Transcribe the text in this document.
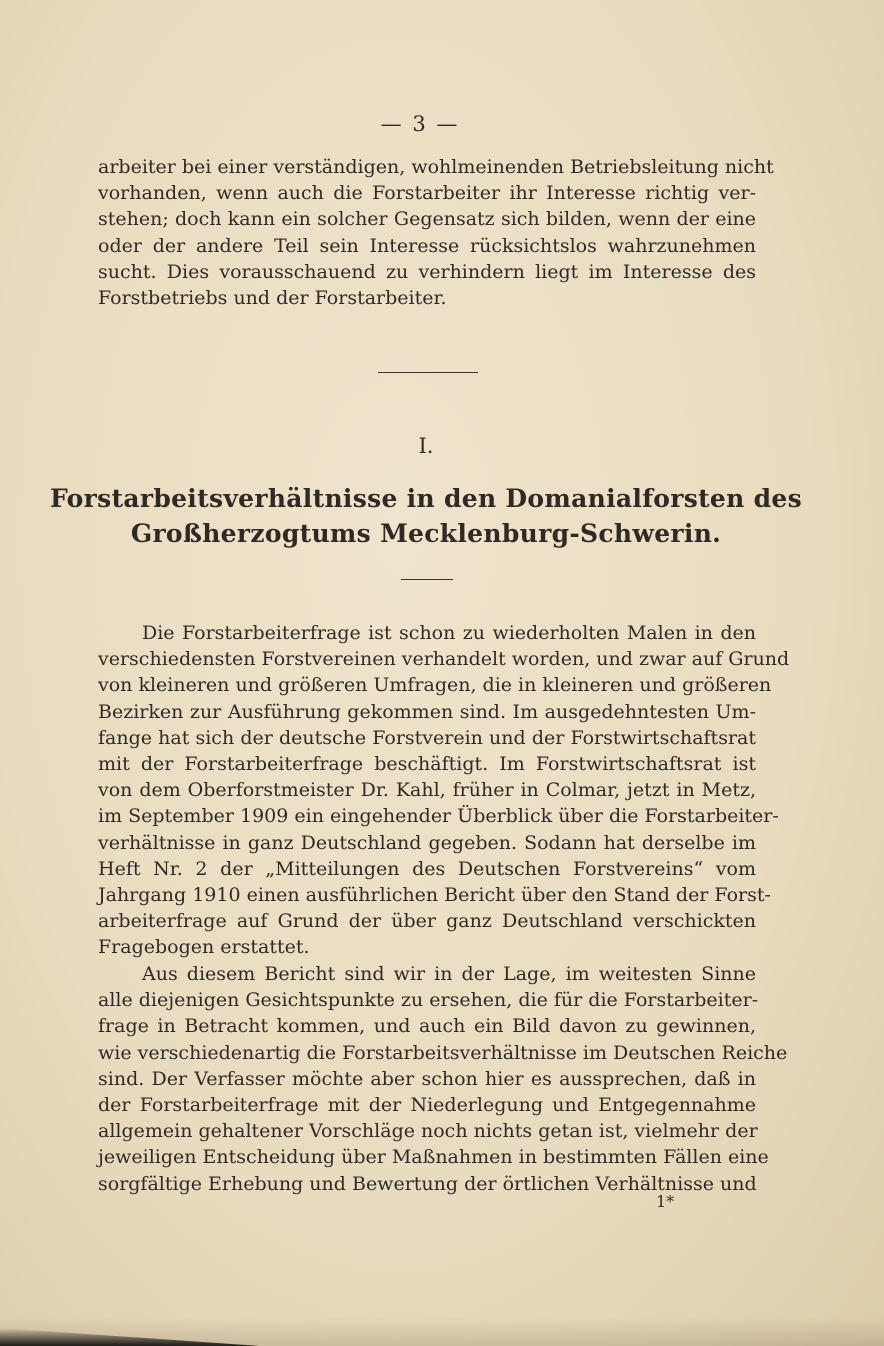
— 3 —
arbeiter bei einer verständigen, wohlmeinenden Betriebsleitung nicht
vorhanden, wenn auch die Forstarbeiter ihr Interesse richtig ver-
stehen; doch kann ein solcher Gegensatz sich bilden, wenn der eine
oder der andere Teil sein Interesse rücksichtslos wahrzunehmen
sucht. Dies vorausschauend zu verhindern liegt im Interesse des
Forstbetriebs und der Forstarbeiter.
I.
Forstarbeitsverhältnisse in den Domanialforsten des
Großherzogtums Mecklenburg-Schwerin.
Die Forstarbeiterfrage ist schon zu wiederholten Malen in den
verschiedensten Forstvereinen verhandelt worden, und zwar auf Grund
von kleineren und größeren Umfragen, die in kleineren und größeren
Bezirken zur Ausführung gekommen sind. Im ausgedehntesten Um-
fange hat sich der deutsche Forstverein und der Forstwirtschaftsrat
mit der Forstarbeiterfrage beschäftigt. Im Forstwirtschaftsrat ist
von dem Oberforstmeister Dr. Kahl, früher in Colmar, jetzt in Metz,
im September 1909 ein eingehender Überblick über die Forstarbeiter-
verhältnisse in ganz Deutschland gegeben. Sodann hat derselbe im
Heft Nr. 2 der „Mitteilungen des Deutschen Forstvereins“ vom
Jahrgang 1910 einen ausführlichen Bericht über den Stand der Forst-
arbeiterfrage auf Grund der über ganz Deutschland verschickten
Fragebogen erstattet.
Aus diesem Bericht sind wir in der Lage, im weitesten Sinne
alle diejenigen Gesichtspunkte zu ersehen, die für die Forstarbeiter-
frage in Betracht kommen, und auch ein Bild davon zu gewinnen,
wie verschiedenartig die Forstarbeitsverhältnisse im Deutschen Reiche
sind. Der Verfasser möchte aber schon hier es aussprechen, daß in
der Forstarbeiterfrage mit der Niederlegung und Entgegennahme
allgemein gehaltener Vorschläge noch nichts getan ist, vielmehr der
jeweiligen Entscheidung über Maßnahmen in bestimmten Fällen eine
sorgfältige Erhebung und Bewertung der örtlichen Verhältnisse und
1*
